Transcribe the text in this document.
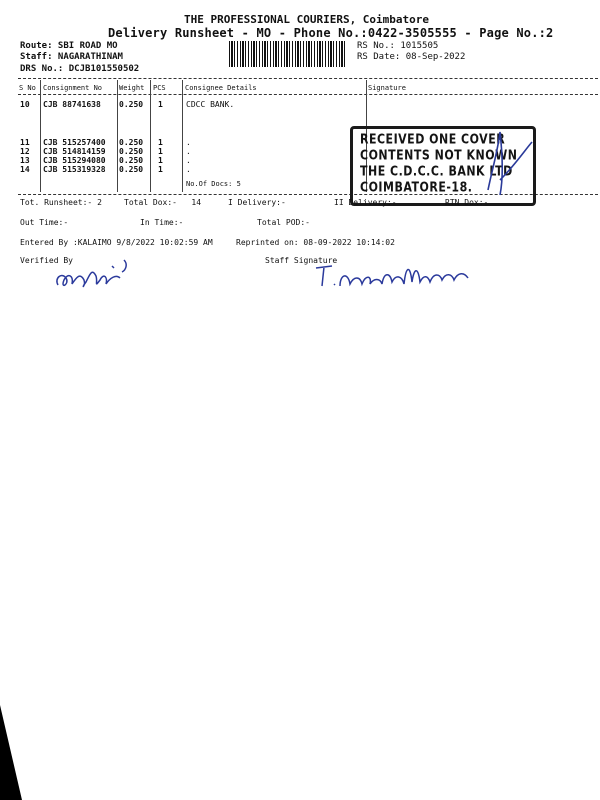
THE PROFESSIONAL COURIERS, Coimbatore
Delivery Runsheet - MO - Phone No.:0422-3505555 - Page No.:2
Route: SBI ROAD MO
Staff: NAGARATHINAM
DRS No.: DCJB101550502
RS No.: 1015505
RS Date: 08-Sep-2022
S No Consignment No Weight PCS	Consignee Details	Signature
10 CJB 88741638 0.250 1	CDCC BANK.
11 CJB 515257400 0.250 1	.
12 CJB 514814159 0.250 1	.
13 CJB 515294080 0.250 1	.
14 CJB 515319328 0.250 1	.
No.Of Docs: 5
RECEIVED ONE COVER
CONTENTS NOT KNOWN
THE C.D.C.C. BANK LTD
COIMBATORE-18.
Tot. Runsheet:- 2	Total Dox:-   14	I Delivery:-	II Delivery:-	RTN Dox:-
Out Time:-	In Time:-	Total POD:-
Entered By :KALAIMO 9/8/2022 10:02:59 AM	Reprinted on: 08-09-2022 10:14:02
Verified By	Staff Signature
